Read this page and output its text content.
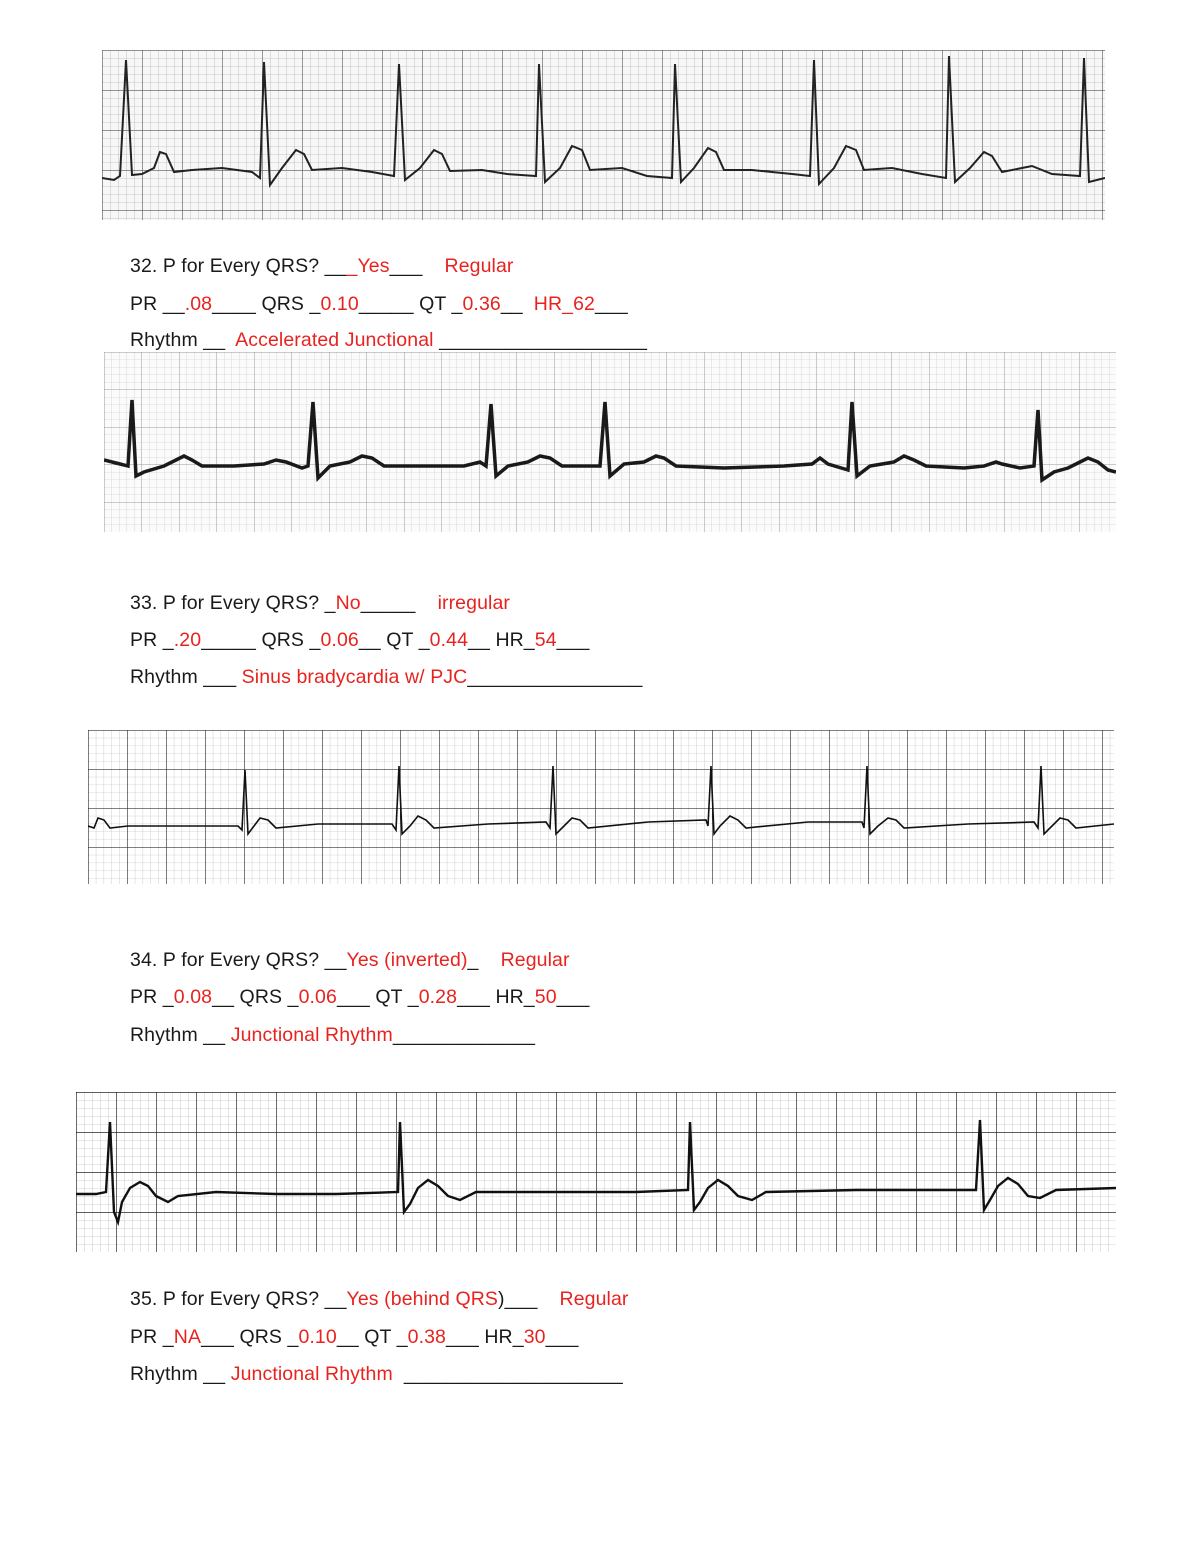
32. P for Every QRS? ___Yes___ Regular
PR __.08____ QRS _0.10_____ QT _0.36__ HR_62___
Rhythm __ Accelerated Junctional ___________________
33. P for Every QRS? _No_____ irregular
PR _.20_____ QRS _0.06__ QT _0.44__ HR_54___
Rhythm ___ Sinus bradycardia w/ PJC________________
34. P for Every QRS? __Yes (inverted)_ Regular
PR _0.08__ QRS _0.06___ QT _0.28___ HR_50___
Rhythm __ Junctional Rhythm_____________
35. P for Every QRS? __Yes (behind QRS)___ Regular
PR _NA___ QRS _0.10__ QT _0.38___ HR_30___
Rhythm __ Junctional Rhythm ____________________
